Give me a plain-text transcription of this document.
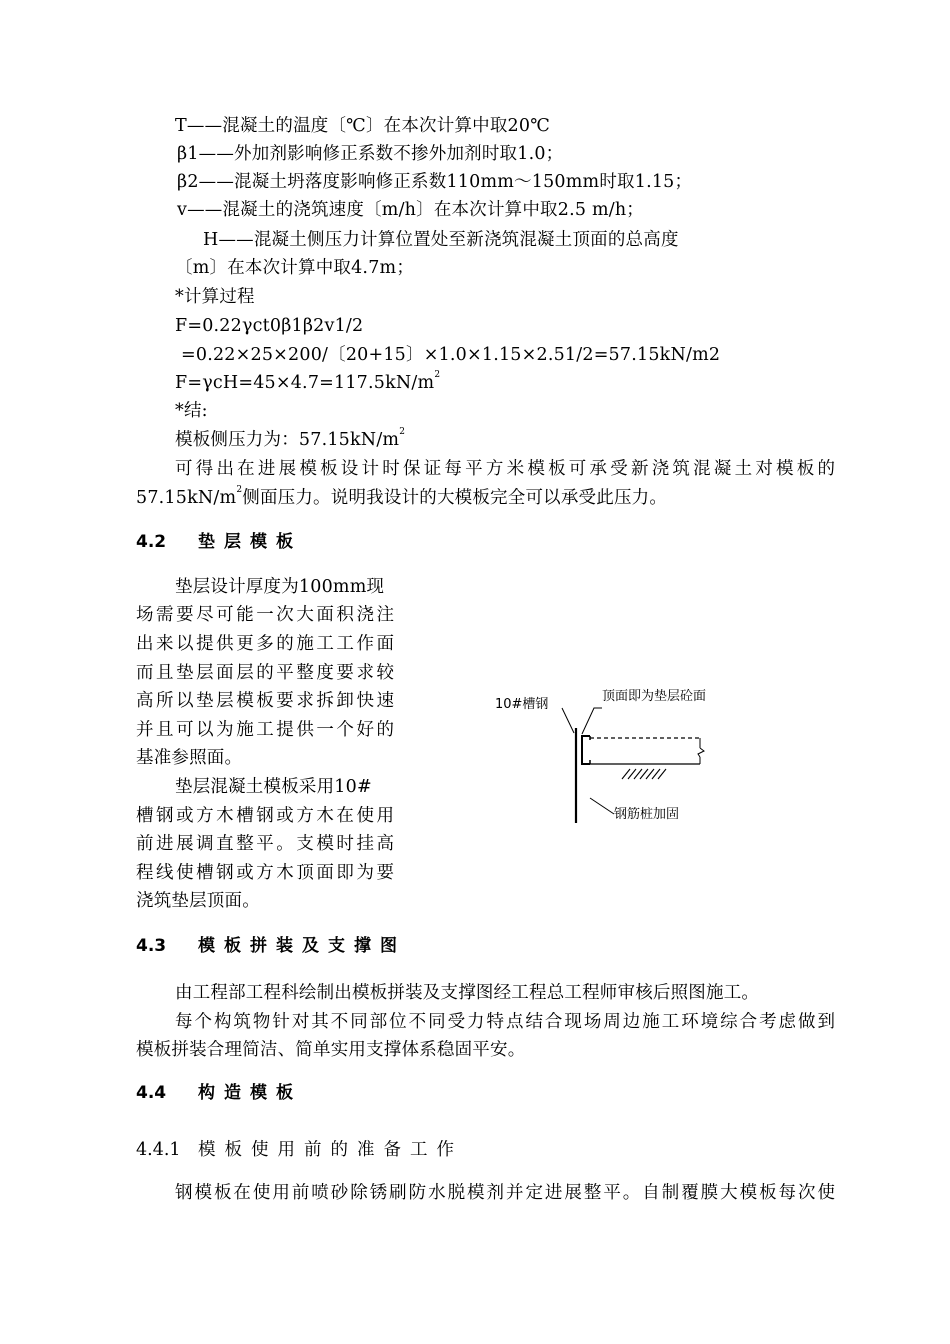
T——混凝土的温度〔℃〕在本次计算中取20℃
β1——外加剂影响修正系数不掺外加剂时取1.0；
β2——混凝土坍落度影响修正系数110mm～150mm时取1.15；
v——混凝土的浇筑速度〔m/h〕在本次计算中取2.5 m/h；
H——混凝土侧压力计算位置处至新浇筑混凝土顶面的总高度
〔m〕在本次计算中取4.7m；
*计算过程
F=0.22γct0β1β2v1/2
=0.22×25×200/〔20+15〕×1.0×1.15×2.51/2=57.15kN/m2
$F=\gamma cH=45\times 4.7=117.5kN/m^2$
*结:
模板侧压力为：$57.15kN/m^2$
可得出在进展模板设计时保证每平方米模板可承受新浇筑混凝土对模板的
$57.15kN/m^2$侧面压力。说明我设计的大模板完全可以承受此压力。
4.2 垫层模板
垫层设计厚度为100mm现
场需要尽可能一次大面积浇注
出来以提供更多的施工工作面
而且垫层面层的平整度要求较
高所以垫层模板要求拆卸快速
并且可以为施工提供一个好的
基准参照面。
垫层混凝土模板采用10#
槽钢或方木槽钢或方木在使用
前进展调直整平。支模时挂高
程线使槽钢或方木顶面即为要
浇筑垫层顶面。
10#槽钢
顶面即为垫层砼面
钢筋桩加固
4.3 模板拼装及支撑图
由工程部工程科绘制出模板拼装及支撑图经工程总工程师审核后照图施工。
每个构筑物针对其不同部位不同受力特点结合现场周边施工环境综合考虑做到
模板拼装合理简洁、简单实用支撑体系稳固平安。
4.4 构造模板
4.4.1 模板使用前的准备工作
钢模板在使用前喷砂除锈刷防水脱模剂并定进展整平。自制覆膜大模板每次使
